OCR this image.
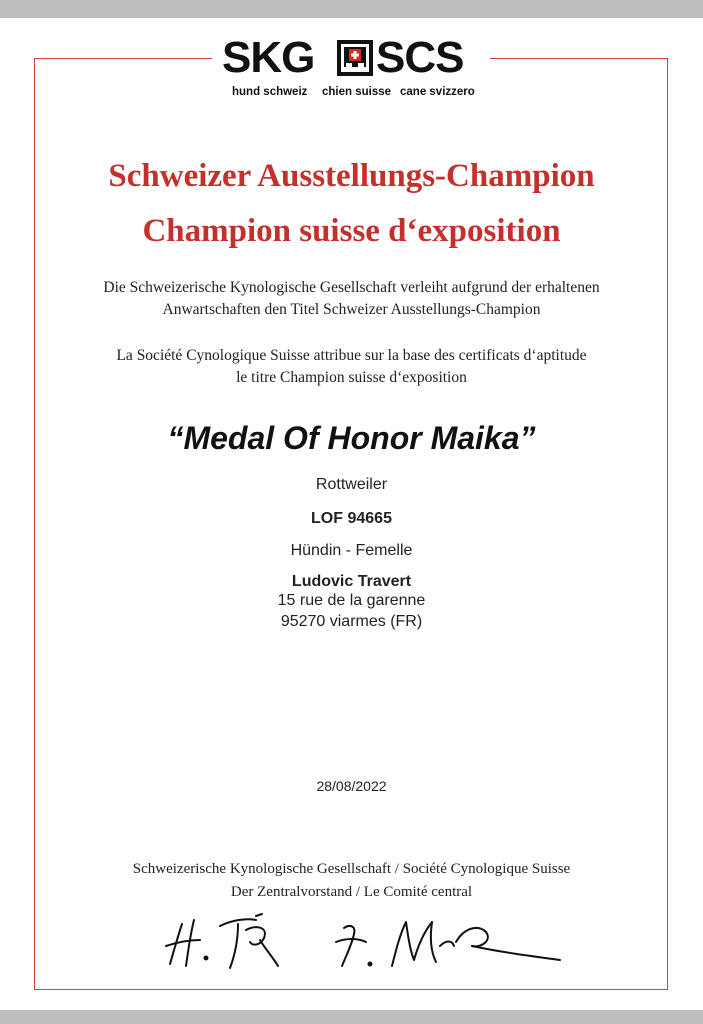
SKG SCS
hund schweiz chien suisse cane svizzero
Schweizer Ausstellungs-Champion
Champion suisse d‘exposition
Die Schweizerische Kynologische Gesellschaft verleiht aufgrund der erhaltenen
Anwartschaften den Titel Schweizer Ausstellungs-Champion
La Société Cynologique Suisse attribue sur la base des certificats d‘aptitude
le titre Champion suisse d‘exposition
“Medal Of Honor Maika”
Rottweiler
LOF 94665
Hündin - Femelle
Ludovic Travert
15 rue de la garenne
95270 viarmes (FR)
28/08/2022
Schweizerische Kynologische Gesellschaft / Société Cynologique Suisse
Der Zentralvorstand / Le Comité central
